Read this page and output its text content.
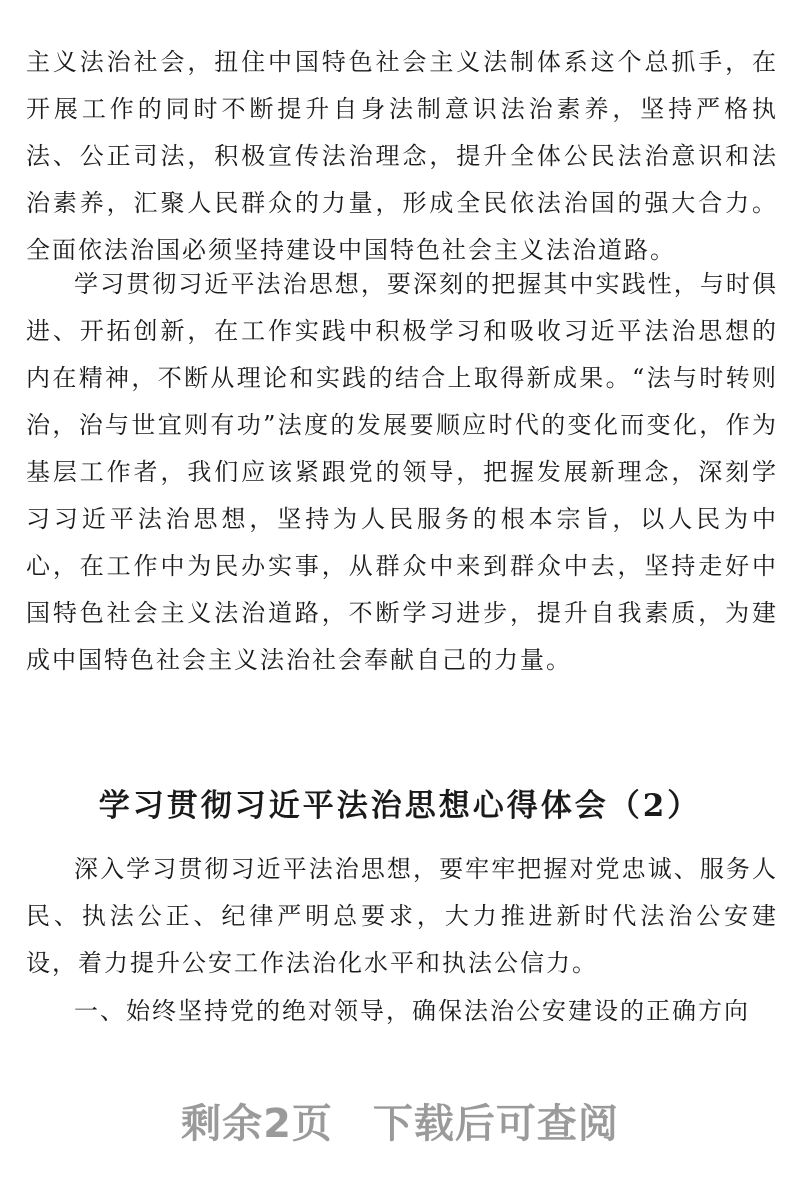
主义法治社会，扭住中国特色社会主义法制体系这个总抓手，在开展工作的同时不断提升自身法制意识法治素养，坚持严格执法、公正司法，积极宣传法治理念，提升全体公民法治意识和法治素养，汇聚人民群众的力量，形成全民依法治国的强大合力。全面依法治国必须坚持建设中国特色社会主义法治道路。

学习贯彻习近平法治思想，要深刻的把握其中实践性，与时俱进、开拓创新，在工作实践中积极学习和吸收习近平法治思想的内在精神，不断从理论和实践的结合上取得新成果。“法与时转则治，治与世宜则有功”法度的发展要顺应时代的变化而变化，作为基层工作者，我们应该紧跟党的领导，把握发展新理念，深刻学习习近平法治思想，坚持为人民服务的根本宗旨，以人民为中心，在工作中为民办实事，从群众中来到群众中去，坚持走好中国特色社会主义法治道路，不断学习进步，提升自我素质，为建成中国特色社会主义法治社会奉献自己的力量。

学习贯彻习近平法治思想心得体会（2）

深入学习贯彻习近平法治思想，要牢牢把握对党忠诚、服务人民、执法公正、纪律严明总要求，大力推进新时代法治公安建设，着力提升公安工作法治化水平和执法公信力。

一、始终坚持党的绝对领导，确保法治公安建设的正确方向

剩余2页 下载后可查阅
